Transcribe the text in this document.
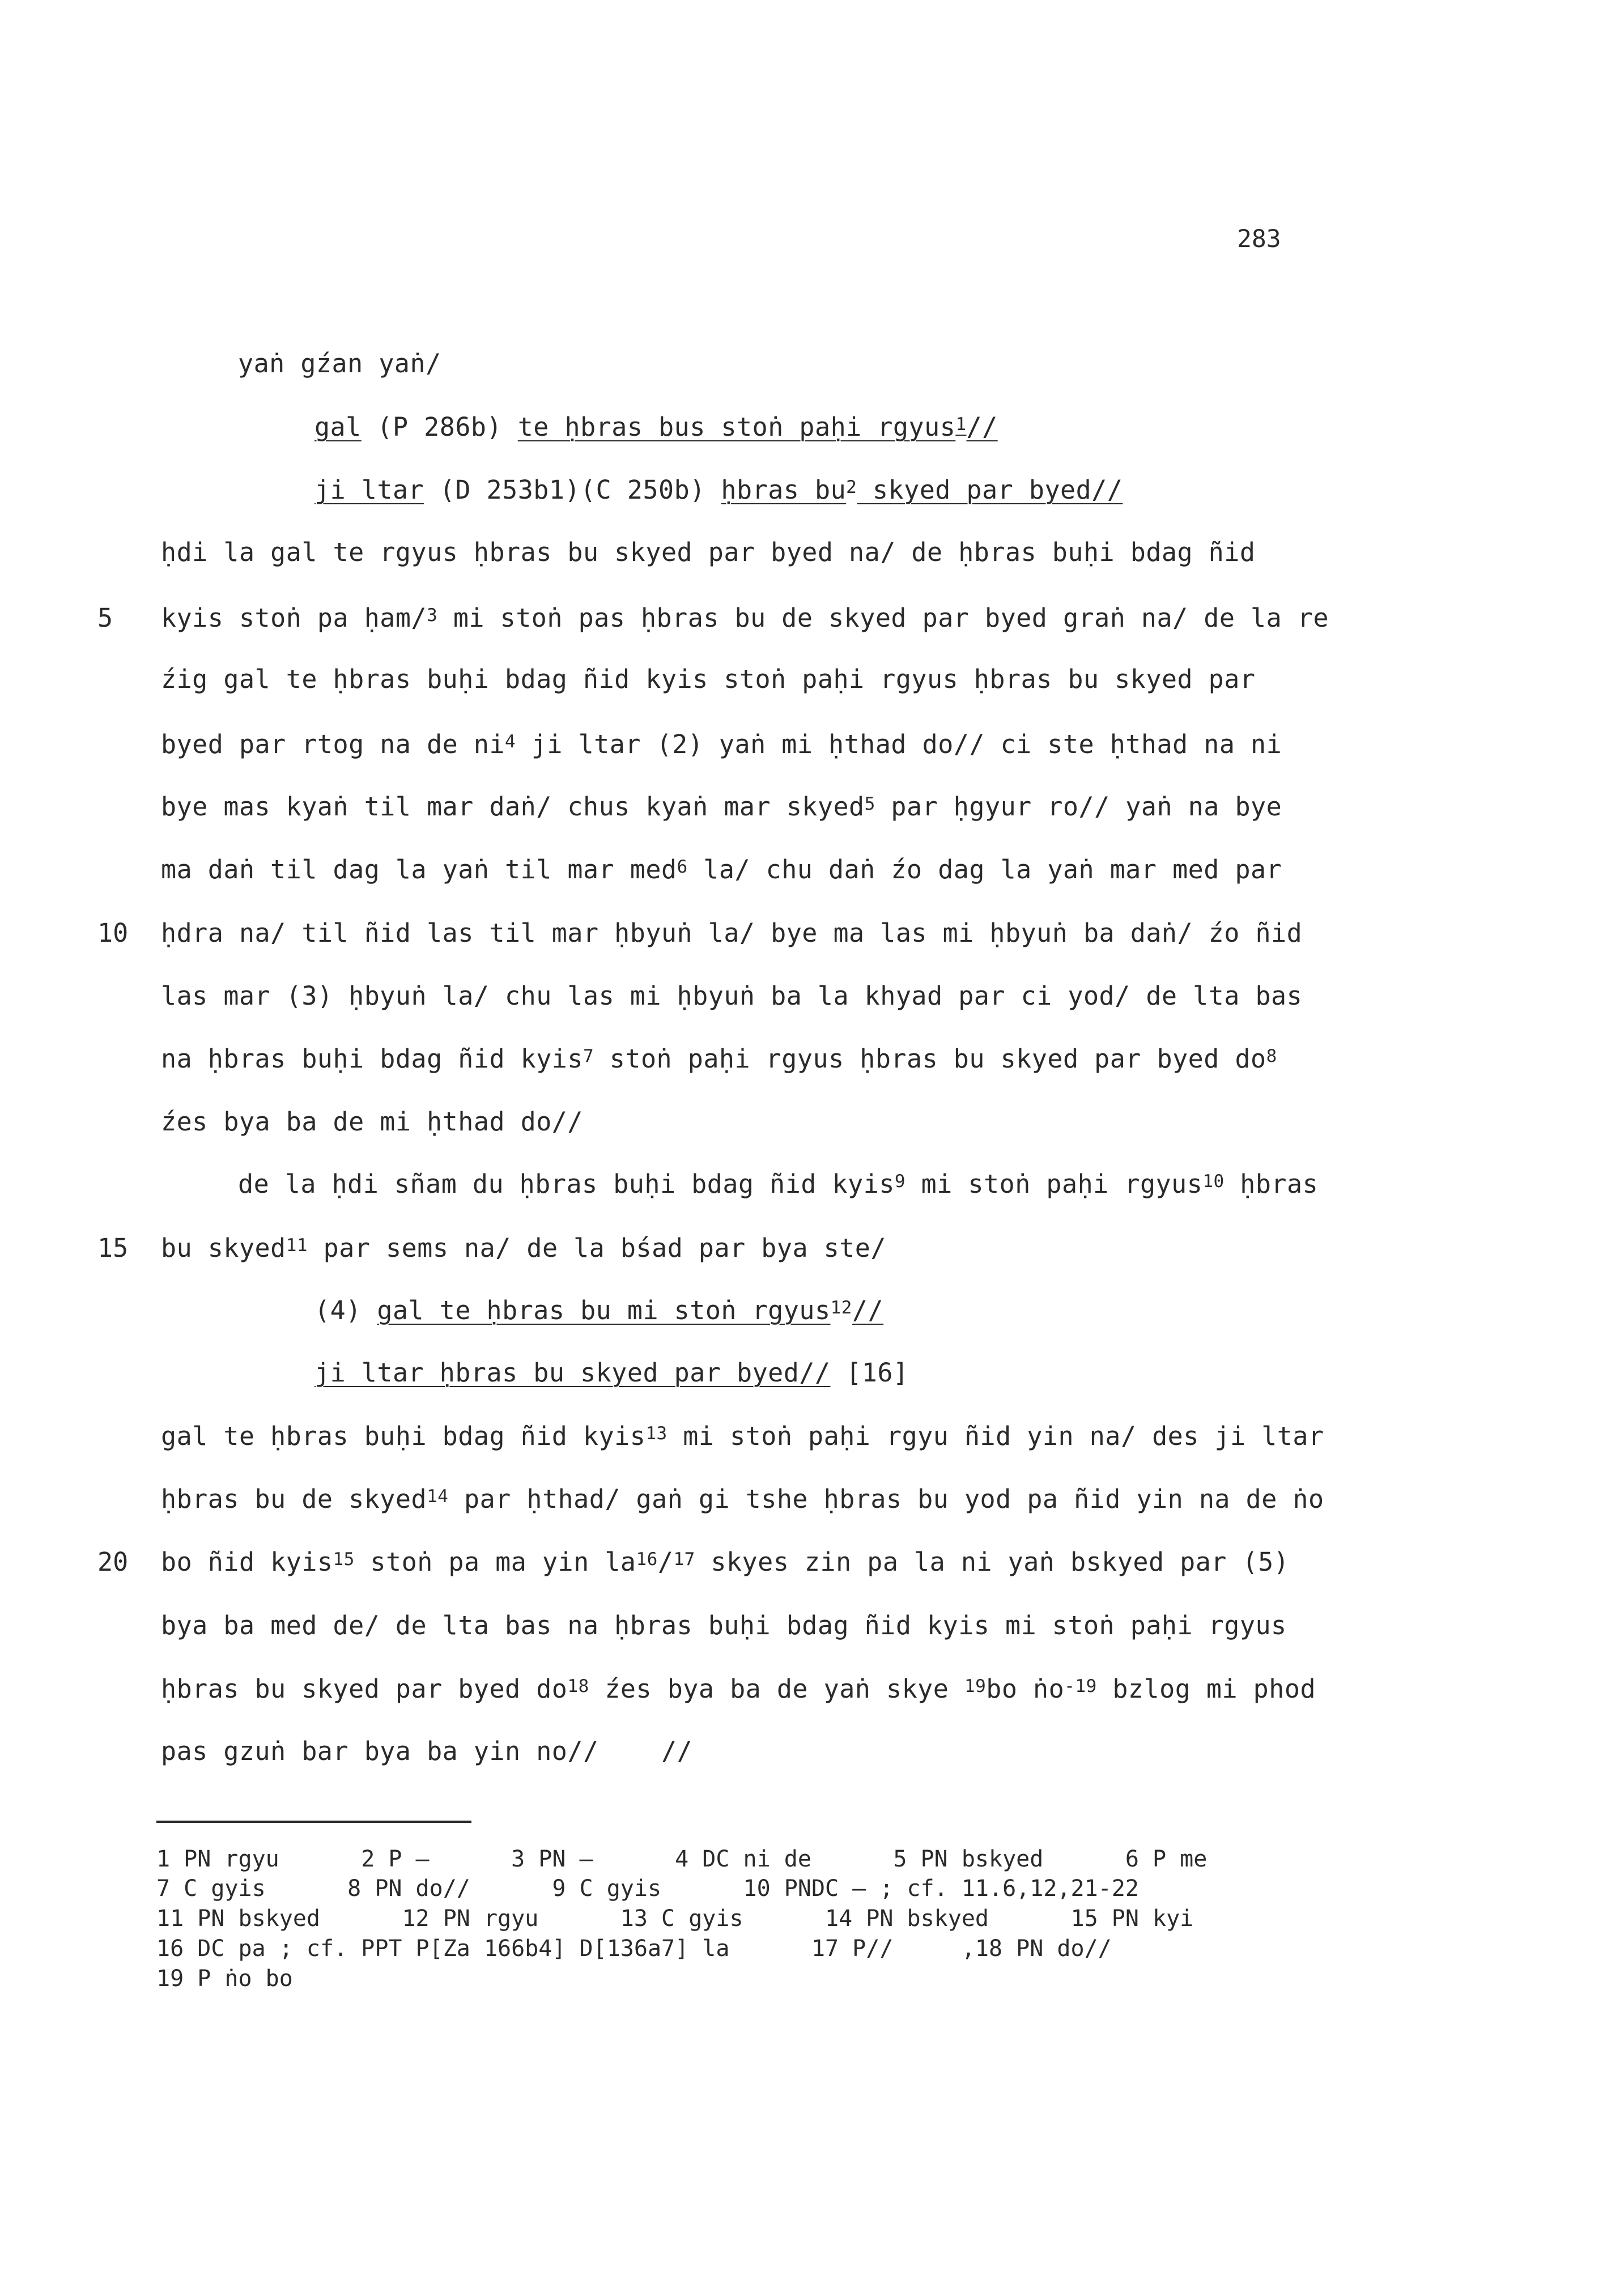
283
yaṅ gźan yaṅ/
gal (P 286b) te ḥbras bus stoṅ paḥi rgyus$^1$//
ji ltar (D 253b1)(C 250b) ḥbras $bu^2$ skyed par byed//
ḥdi la gal te rgyus ḥbras bu skyed par byed na/ de ḥbras buḥi bdag ñid
5 kyis stoṅ pa ḥam/$^3$ mi stoṅ pas ḥbras bu de skyed par byed graṅ na/ de la re
źig gal te ḥbras buḥi bdag ñid kyis stoṅ paḥi rgyus ḥbras bu skyed par
byed par rtog na de $ni^4$ ji ltar (2) yaṅ mi ḥthad do// ci ste ḥthad na ni
bye mas kyaṅ til mar daṅ/ chus kyaṅ mar skyed$^5$ par ḥgyur ro// yaṅ na bye
ma daṅ til dag la yaṅ til mar med$^6$ la/ chu daṅ źo dag la yaṅ mar med par
10 ḥdra na/ til ñid las til mar ḥbyuṅ la/ bye ma las mi ḥbyuṅ ba daṅ/ źo ñid
las mar (3) ḥbyuṅ la/ chu las mi ḥbyuṅ ba la khyad par ci yod/ de lta bas
na ḥbras buḥi bdag ñid kyis$^7$ stoṅ paḥi rgyus ḥbras bu skyed par byed $do^8$
źes bya ba de mi ḥthad do//
de la ḥdi sñam du ḥbras buḥi bdag ñid kyis$^9$ mi stoṅ paḥi rgyus$^{10}$ ḥbras
15 bu skyed$^{11}$ par sems na/ de la bśad par bya ste/
(4) gal te ḥbras bu mi stoṅ rgyus$^{12}$//
ji ltar ḥbras bu skyed par byed// [16]
gal te ḥbras buḥi bdag ñid kyis$^{13}$ mi stoṅ paḥi rgyu ñid yin na/ des ji ltar
ḥbras bu de skyed$^{14}$ par ḥthad/ gaṅ gi tshe ḥbras bu yod pa ñid yin na de ṅo
20 bo ñid kyis$^{15}$ stoṅ pa ma yin $la^{16}/^{17}$ skyes zin pa la ni yaṅ bskyed par (5)
bya ba med de/ de lta bas na ḥbras buḥi bdag ñid kyis mi stoṅ paḥi rgyus
ḥbras bu skyed par byed $do^{18}$ źes bya ba de yaṅ skye $^{19}$bo ṅo$^{-19}$ bzlog mi phod
pas gzuṅ bar bya ba yin no//    //
1 PN rgyu      2 P —      3 PN —      4 DC ni de      5 PN bskyed      6 P me
7 C gyis      8 PN do//      9 C gyis      10 PNDC — ; cf. 11.6,12,21-22
11 PN bskyed      12 PN rgyu      13 C gyis      14 PN bskyed      15 PN kyi
16 DC pa ; cf. PPT P[Za 166b4] D[136a7] la      17 P//     ,18 PN do//
19 P ṅo bo
